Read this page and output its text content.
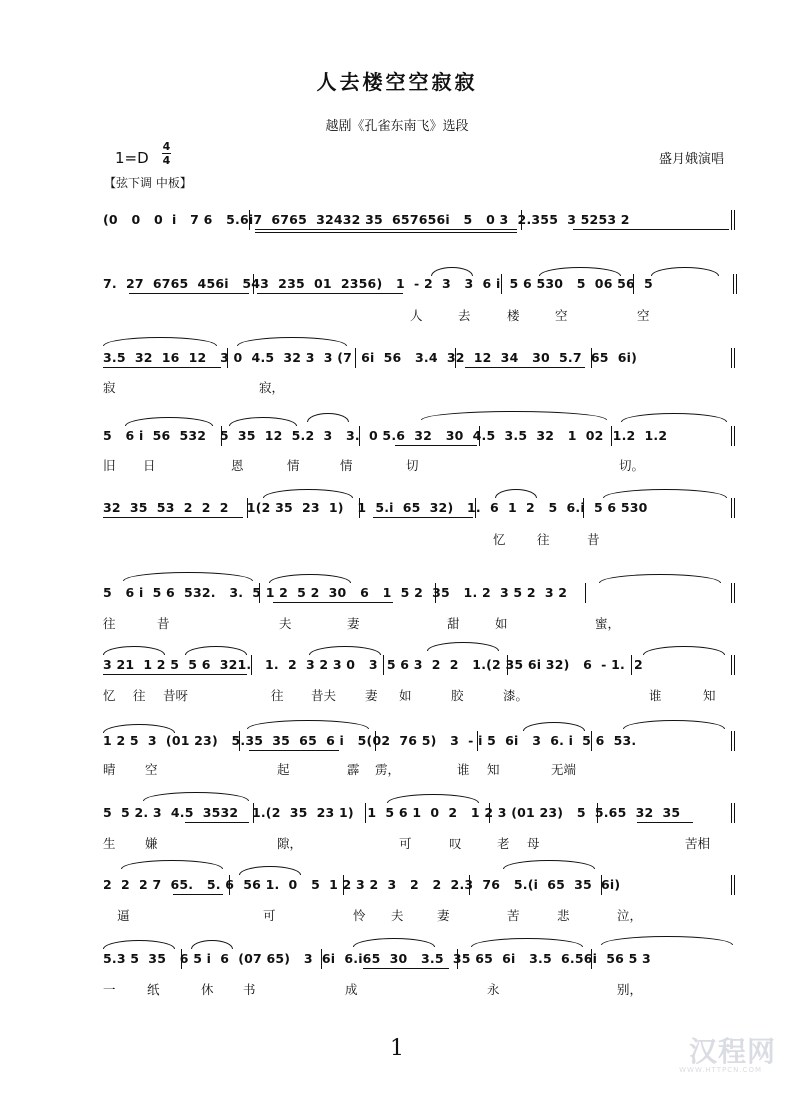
人去楼空空寂寂
越剧《孔雀东南飞》选段
1=D
4
4	盛月娥演唱
【弦下调 中板】
(0   0   0  i   7 6   5.6i7  6765  32432 35  657656i   5   0 3  2.355  3 5253 2
7.  27  6765  456i   543  235  01  2356)   1  - 2  3   3  6 i  5 6 530   5  06 56  5
3.5  32  16  12   3 0  4.5  32 3  3 (7  6i  56   3.4  32  12  34   30  5.7  65  6i)
5   6 i  56  532   5  35  12  5.2  3   3.  0 5.6  32   30  4.5  3.5  32   1  02  1.2  1.2
32  35  53  2  2  2    1(2 35  23  1)   1  5.i  65  32)   1.  6  1  2   5  6.i  5 6 530
5   6 i  5 6  532.   3.  5 1 2  5 2  30   6   1  5 2  35   1. 2  3 5 2  3 2
3 21  1 2 5  5 6  321.   1.  2  3 2 3 0   3  5 6 3  2  2   1.(2 35 6i 32)   6  - 1.  2
1 2 5  3  (01 23)   5.35  35  65  6 i   5(02  76 5)   3  - i 5  6i   3  6. i  5 6  53.
5  5 2. 3  4.5  3532   1.(2  35  23 1)   1  5 6 1  0  2   1 2 3 (01 23)   5  5.65  32  35
2  2  2 7  65.   5. 6  56 1.  0   5  1 2 3 2  3   2   2  2.3  76   5.(i  65  35  6i)
5.3 5  35   6 5 i  6  (07 65)   3  6i  6.i65  30   3.5  35 65  6i   3.5  6.56i  56 5 3
人	去	楼	空	空
寂	寂，
旧 日	恩	情	情	切	切。
忆	往	昔
往	昔	夫	妻	甜	如	蜜，
忆 往 昔呀	往 昔夫 妻 如	胶	漆。	谁	知
晴 空	起	霹 雳，	谁 知	无端
生 嫌	隙，	可	叹	老 母	苦相
逼	可	怜 夫	妻	苦	悲	泣，
一	纸	休 书	成	永	别，
1	汉程网
WWW.HTTPCN.COM
